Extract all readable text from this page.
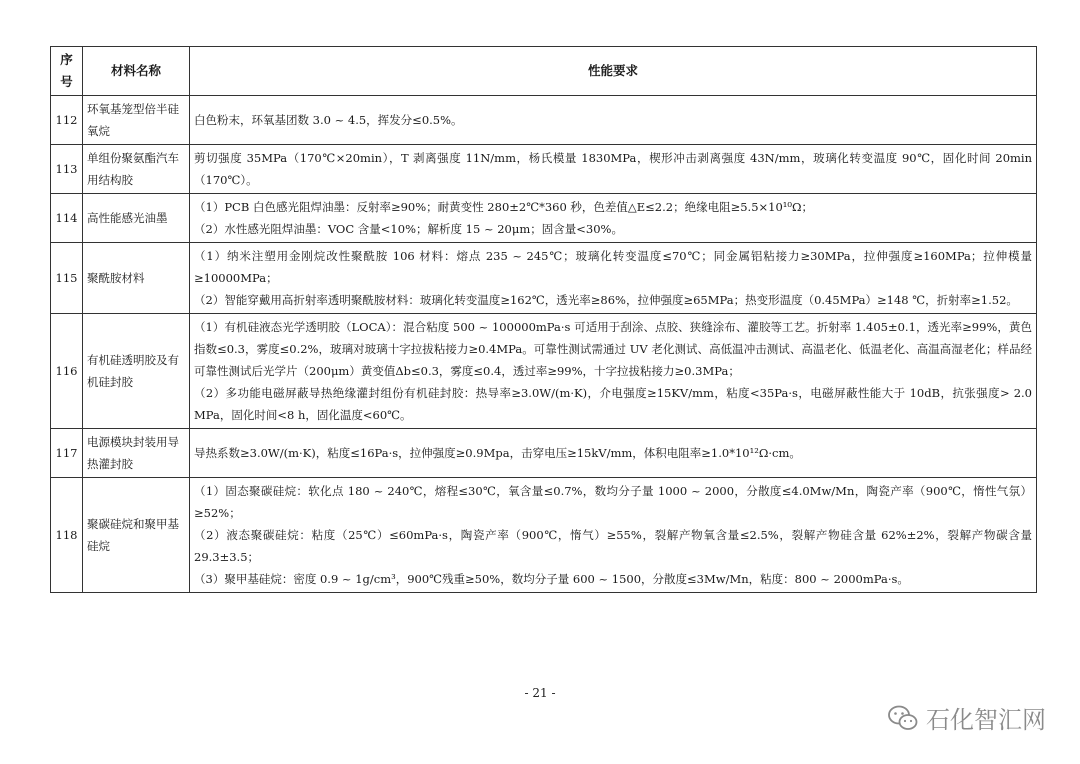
序号	材料名称	性能要求
112	环氧基笼型倍半硅氧烷	白色粉末，环氧基团数 3.0 ~ 4.5，挥发分≤0.5%。

113	单组份聚氨酯汽车用结构胶	剪切强度 35MPa（170℃×20min），T 剥离强度 11N/mm，杨氏模量 1830MPa，楔形冲击剥离强度 43N/mm，玻璃化转变温度 90℃，固化时间 20min（170℃）。

114	高性能感光油墨	（1）PCB 白色感光阻焊油墨：反射率≥90%；耐黄变性 280±2℃*360 秒，色差值△E≤2.2；绝缘电阻≥5.5×10¹⁰Ω；
（2）水性感光阻焊油墨：VOC 含量<10%；解析度 15 ~ 20μm；固含量<30%。

115	聚酰胺材料	（1）纳米注塑用金刚烷改性聚酰胺 106 材料：熔点 235 ~ 245℃；玻璃化转变温度≤70℃；同金属铝粘接力≥30MPa，拉伸强度≥160MPa；拉伸模量≥10000MPa；
（2）智能穿戴用高折射率透明聚酰胺材料：玻璃化转变温度≥162℃，透光率≥86%，拉伸强度≥65MPa；热变形温度（0.45MPa）≥148 ℃，折射率≥1.52。

116	有机硅透明胶及有机硅封胶	（1）有机硅液态光学透明胶（LOCA）：混合粘度 500 ~ 100000mPa·s 可适用于刮涂、点胶、狭缝涂布、灌胶等工艺。折射率 1.405±0.1，透光率≥99%，黄色指数≤0.3，雾度≤0.2%，玻璃对玻璃十字拉拔粘接力≥0.4MPa。可靠性测试需通过 UV 老化测试、高低温冲击测试、高温老化、低温老化、高温高湿老化；样品经可靠性测试后光学片（200μm）黄变值Δb≤0.3，雾度≤0.4，透过率≥99%，十字拉拔粘接力≥0.3MPa；
（2）多功能电磁屏蔽导热绝缘灌封组份有机硅封胶：热导率≥3.0W/(m·K)，介电强度≥15KV/mm，粘度<35Pa·s，电磁屏蔽性能大于 10dB，抗张强度> 2.0 MPa，固化时间<8 h，固化温度<60℃。

117	电源模块封装用导热灌封胶	导热系数≥3.0W/(m·K)，粘度≤16Pa·s，拉伸强度≥0.9Mpa，击穿电压≥15kV/mm，体积电阻率≥1.0*10¹²Ω·cm。

118	聚碳硅烷和聚甲基硅烷	（1）固态聚碳硅烷：软化点 180 ~ 240℃，熔程≤30℃，氧含量≤0.7%，数均分子量 1000 ~ 2000，分散度≤4.0Mw/Mn，陶瓷产率（900℃，惰性气氛）≥52%；
（2）液态聚碳硅烷：粘度（25℃）≤60mPa·s，陶瓷产率（900℃，惰气）≥55%，裂解产物氧含量≤2.5%，裂解产物硅含量 62%±2%，裂解产物碳含量 29.3±3.5；
（3）聚甲基硅烷：密度 0.9 ~ 1g/cm³，900℃残重≥50%，数均分子量 600 ~ 1500，分散度≤3Mw/Mn，粘度：800 ~ 2000mPa·s。
- 21 -
石化智汇网
